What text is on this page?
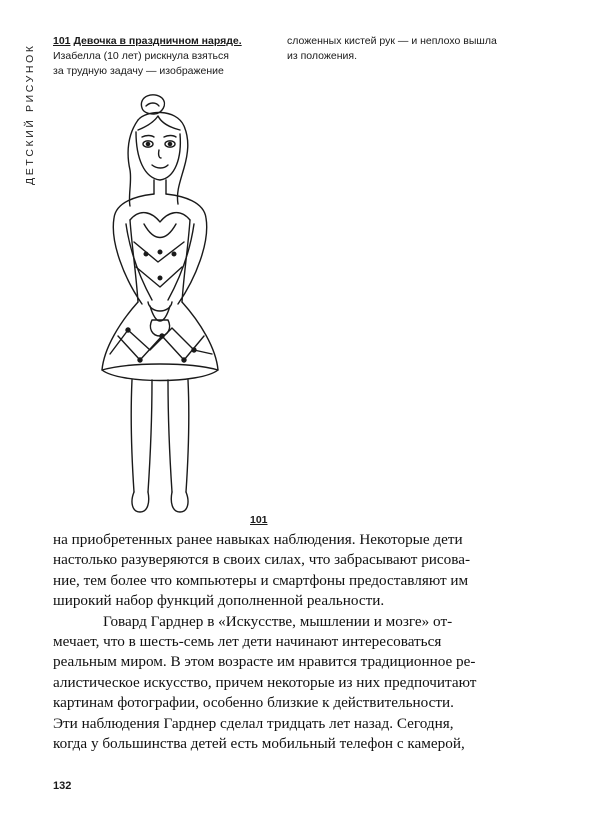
ДЕТСКИЙ РИСУНОК
101 Девочка в праздничном наряде.
Изабелла (10 лет) рискнула взяться
за трудную задачу — изображение
сложенных кистей рук — и неплохо вышла
из положения.
101
на приобретенных ранее навыках наблюдения. Некоторые дети
настолько разуверяются в своих силах, что забрасывают рисова-
ние, тем более что компьютеры и смартфоны предоставляют им
широкий набор функций дополненной реальности.
Говард Гарднер в «Искусстве, мышлении и мозге» от-
мечает, что в шесть-семь лет дети начинают интересоваться
реальным миром. В этом возрасте им нравится традиционное ре-
алистическое искусство, причем некоторые из них предпочитают
картинам фотографии, особенно близкие к действительности.
Эти наблюдения Гарднер сделал тридцать лет назад. Сегодня,
когда у большинства детей есть мобильный телефон с камерой,
132
